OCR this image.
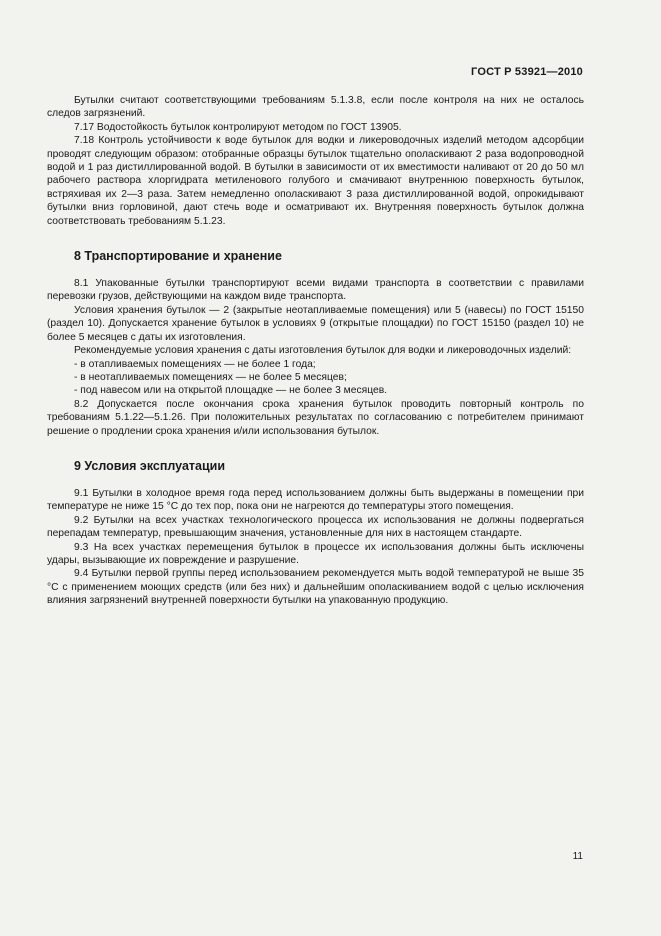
ГОСТ Р 53921—2010

Бутылки считают соответствующими требованиям 5.1.3.8, если после контроля на них не осталось следов загрязнений.

7.17 Водостойкость бутылок контролируют методом по ГОСТ 13905.

7.18 Контроль устойчивости к воде бутылок для водки и ликероводочных изделий методом адсорбции проводят следующим образом: отобранные образцы бутылок тщательно ополаскивают 2 раза водопроводной водой и 1 раз дистиллированной водой. В бутылки в зависимости от их вместимости наливают от 20 до 50 мл рабочего раствора хлоргидрата метиленового голубого и смачивают внутреннюю поверхность бутылок, встряхивая их 2—3 раза. Затем немедленно ополаскивают 3 раза дистиллированной водой, опрокидывают бутылки вниз горловиной, дают стечь воде и осматривают их. Внутренняя поверхность бутылок должна соответствовать требованиям 5.1.23.

8 Транспортирование и хранение

8.1 Упакованные бутылки транспортируют всеми видами транспорта в соответствии с правилами перевозки грузов, действующими на каждом виде транспорта.

Условия хранения бутылок — 2 (закрытые неотапливаемые помещения) или 5 (навесы) по ГОСТ 15150 (раздел 10). Допускается хранение бутылок в условиях 9 (открытые площадки) по ГОСТ 15150 (раздел 10) не более 5 месяцев с даты их изготовления.

Рекомендуемые условия хранения с даты изготовления бутылок для водки и ликероводочных изделий:

- в отапливаемых помещениях — не более 1 года;

- в неотапливаемых помещениях — не более 5 месяцев;

- под навесом или на открытой площадке — не более 3 месяцев.

8.2 Допускается после окончания срока хранения бутылок проводить повторный контроль по требованиям 5.1.22—5.1.26. При положительных результатах по согласованию с потребителем принимают решение о продлении срока хранения и/или использования бутылок.

9 Условия эксплуатации

9.1 Бутылки в холодное время года перед использованием должны быть выдержаны в помещении при температуре не ниже 15 °С до тех пор, пока они не нагреются до температуры этого помещения.

9.2 Бутылки на всех участках технологического процесса их использования не должны подвергаться перепадам температур, превышающим значения, установленные для них в настоящем стандарте.

9.3 На всех участках перемещения бутылок в процессе их использования должны быть исключены удары, вызывающие их повреждение и разрушение.

9.4 Бутылки первой группы перед использованием рекомендуется мыть водой температурой не выше 35 °С с применением моющих средств (или без них) и дальнейшим ополаскиванием водой с целью исключения влияния загрязнений внутренней поверхности бутылки на упакованную продукцию.

11
